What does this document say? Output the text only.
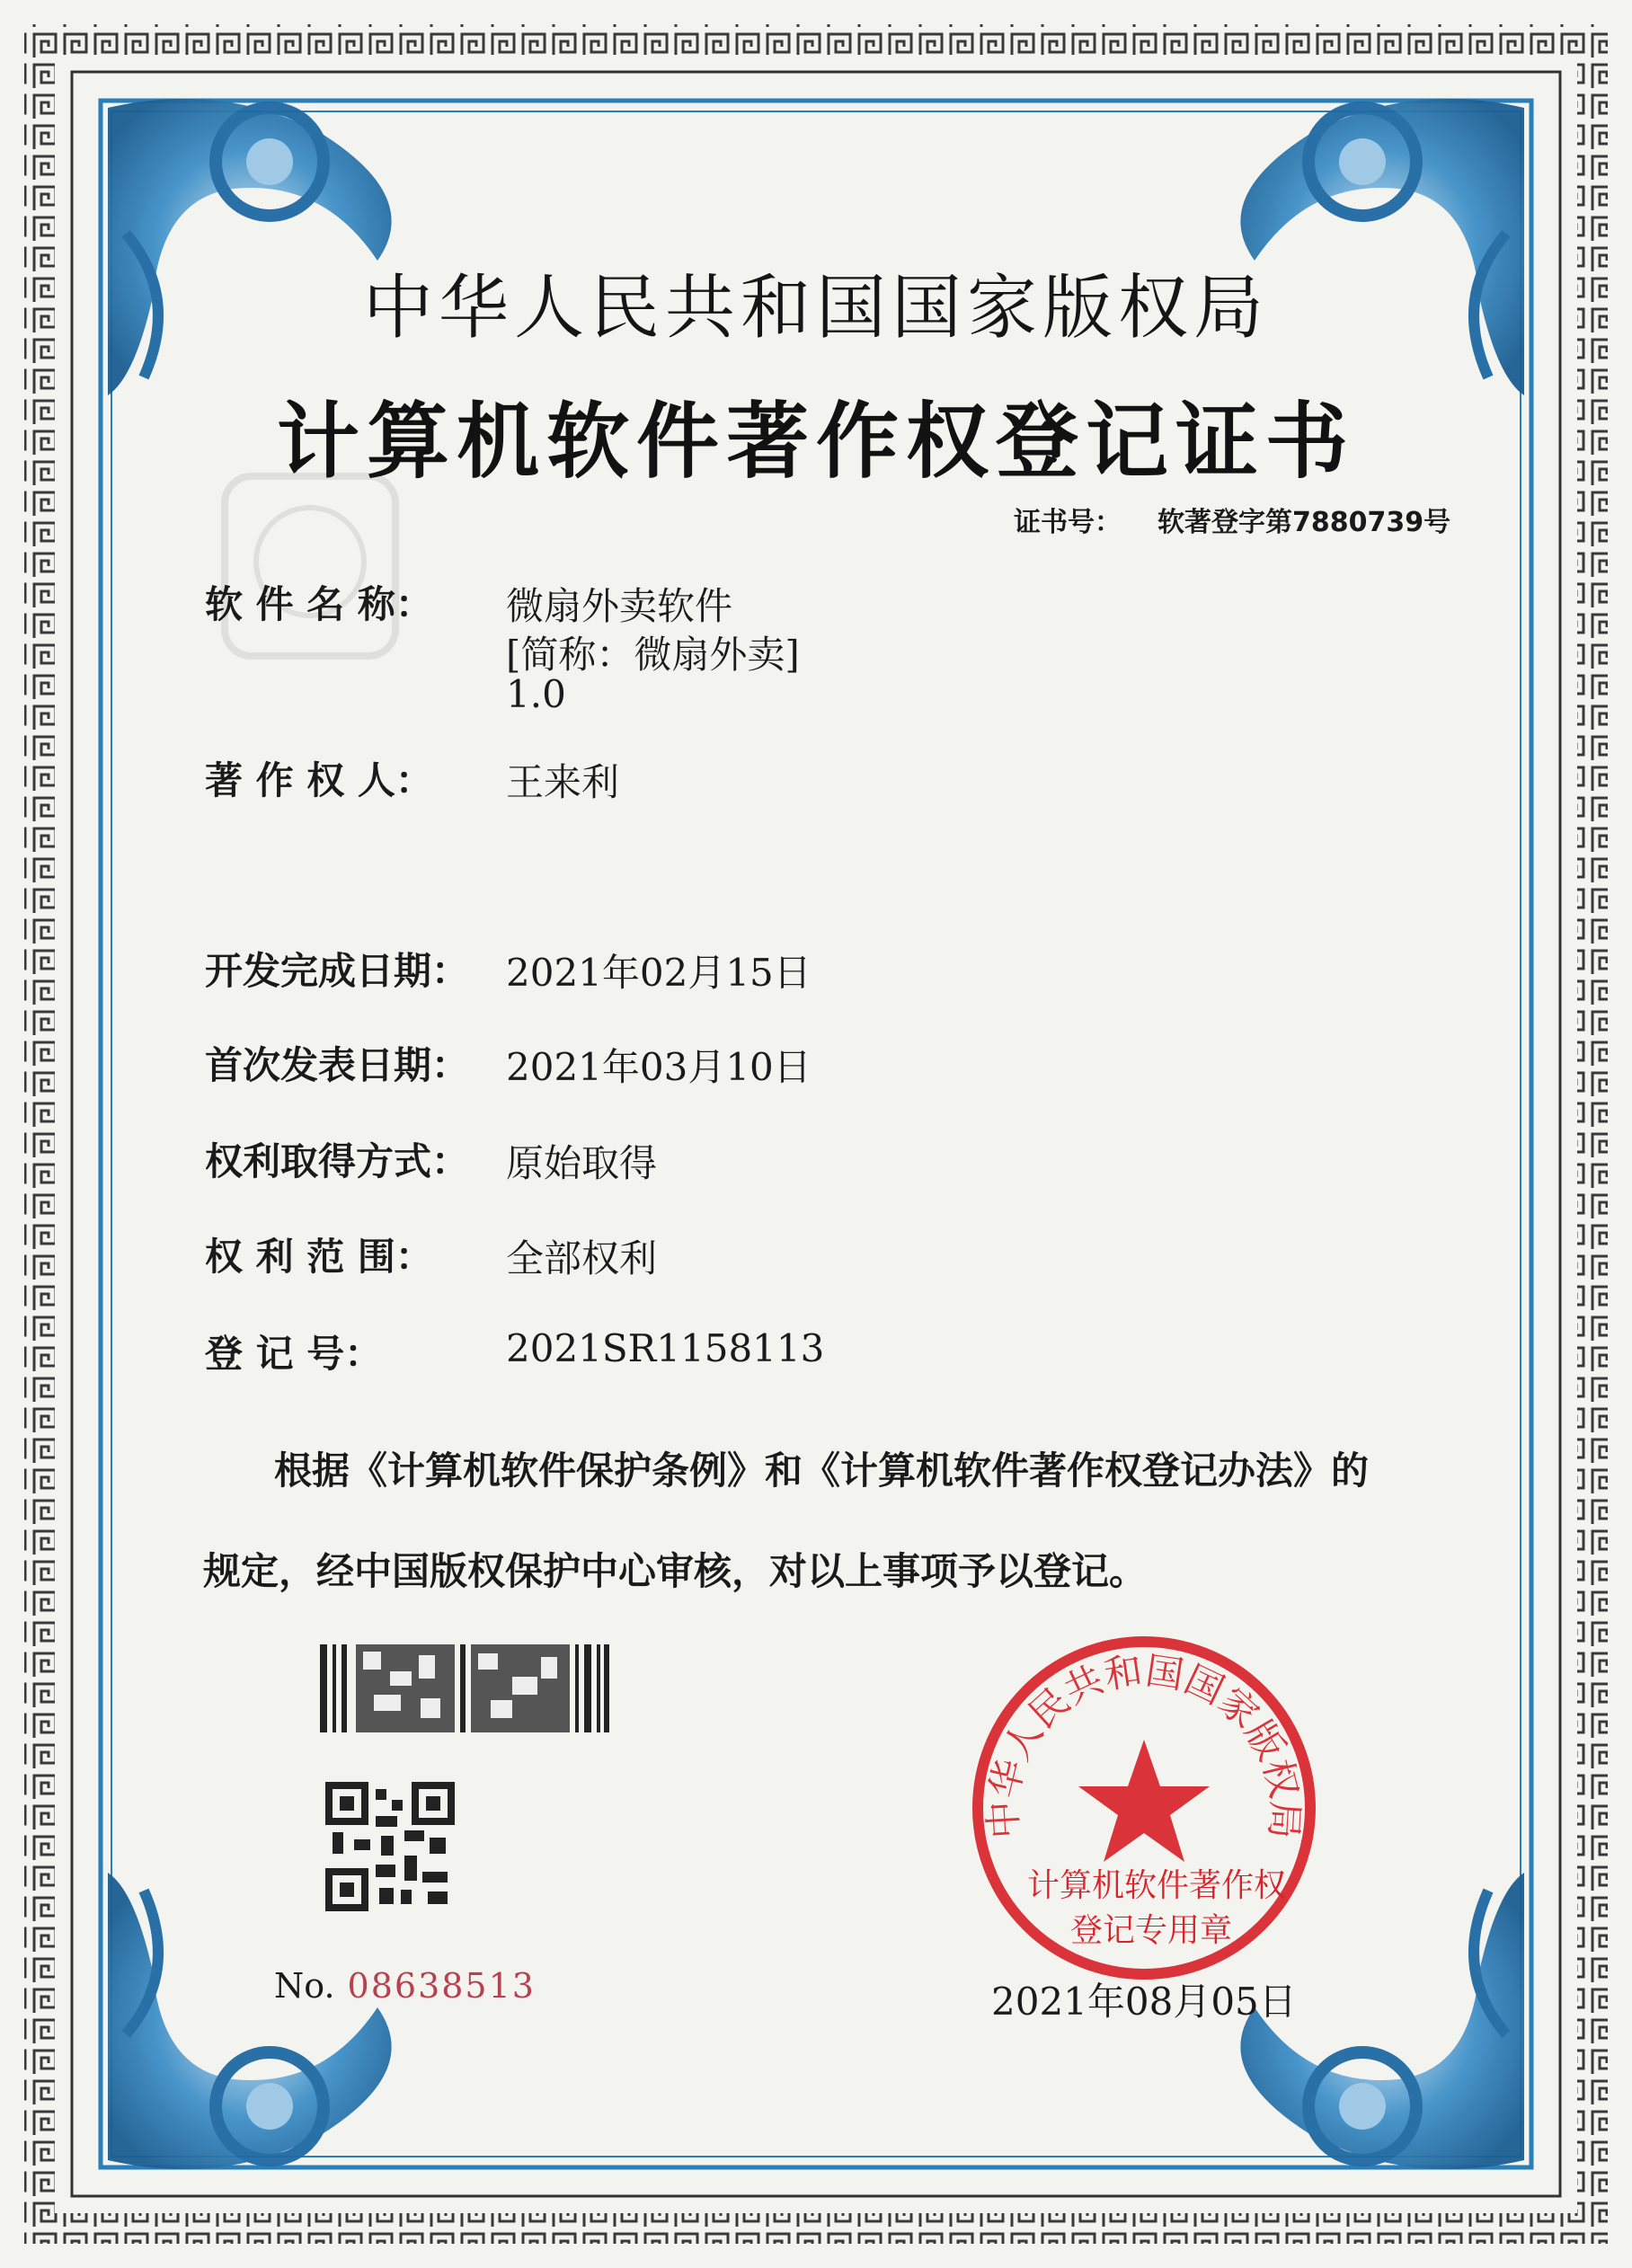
中华人民共和国国家版权局
中华人民共和国国家版权局
计算机软件著作权登记证书
证书号： 软著登字第7880739号
软 件 名 称： 微扇外卖软件
[简称：微扇外卖]
1.0
著 作 权 人： 王来利
开发完成日期： 2021年02月15日
首次发表日期： 2021年03月10日
权利取得方式： 原始取得
权 利 范 围： 全部权利
登 记 号：	2021SR1158113
根据《计算机软件保护条例》和《计算机软件著作权登记办法》的
规定，经中国版权保护中心审核，对以上事项予以登记。
No. 08638513
计算机软件著作权
登记专用章
2021年08月05日
